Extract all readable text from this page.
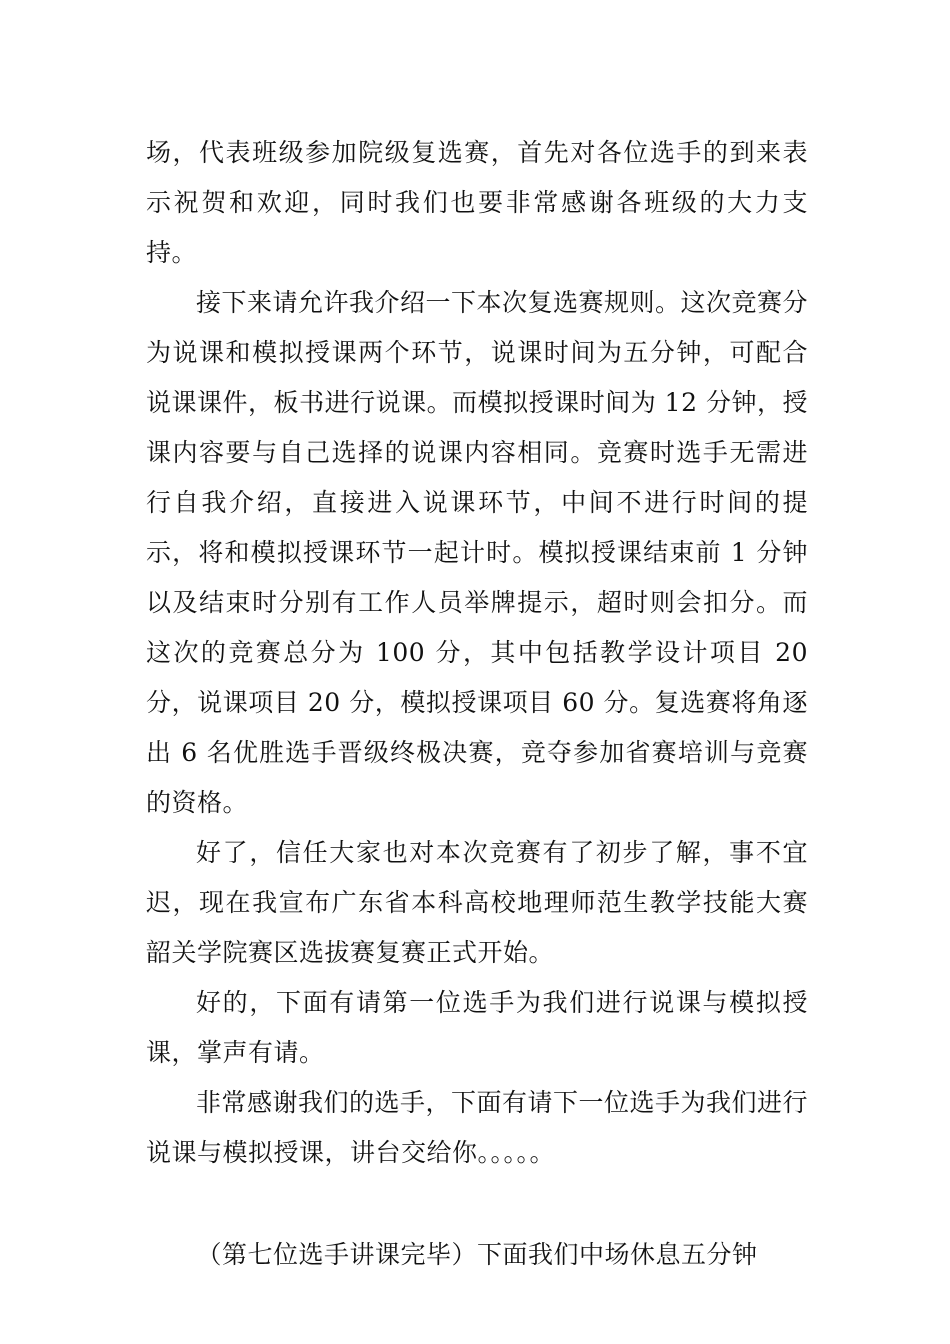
场，代表班级参加院级复选赛，首先对各位选手的到来表示祝贺和欢迎，同时我们也要非常感谢各班级的大力支持。

接下来请允许我介绍一下本次复选赛规则。这次竞赛分为说课和模拟授课两个环节，说课时间为五分钟，可配合说课课件，板书进行说课。而模拟授课时间为 12 分钟，授课内容要与自己选择的说课内容相同。竞赛时选手无需进行自我介绍，直接进入说课环节，中间不进行时间的提示，将和模拟授课环节一起计时。模拟授课结束前 1 分钟以及结束时分别有工作人员举牌提示，超时则会扣分。而这次的竞赛总分为 100 分，其中包括教学设计项目 20 分，说课项目 20 分，模拟授课项目 60 分。复选赛将角逐出 6 名优胜选手晋级终极决赛，竞夺参加省赛培训与竞赛的资格。

好了，信任大家也对本次竞赛有了初步了解，事不宜迟，现在我宣布广东省本科高校地理师范生教学技能大赛韶关学院赛区选拔赛复赛正式开始。

好的，下面有请第一位选手为我们进行说课与模拟授课，掌声有请。

非常感谢我们的选手，下面有请下一位选手为我们进行说课与模拟授课，讲台交给你。。。。。

（第七位选手讲课完毕）下面我们中场休息五分钟
